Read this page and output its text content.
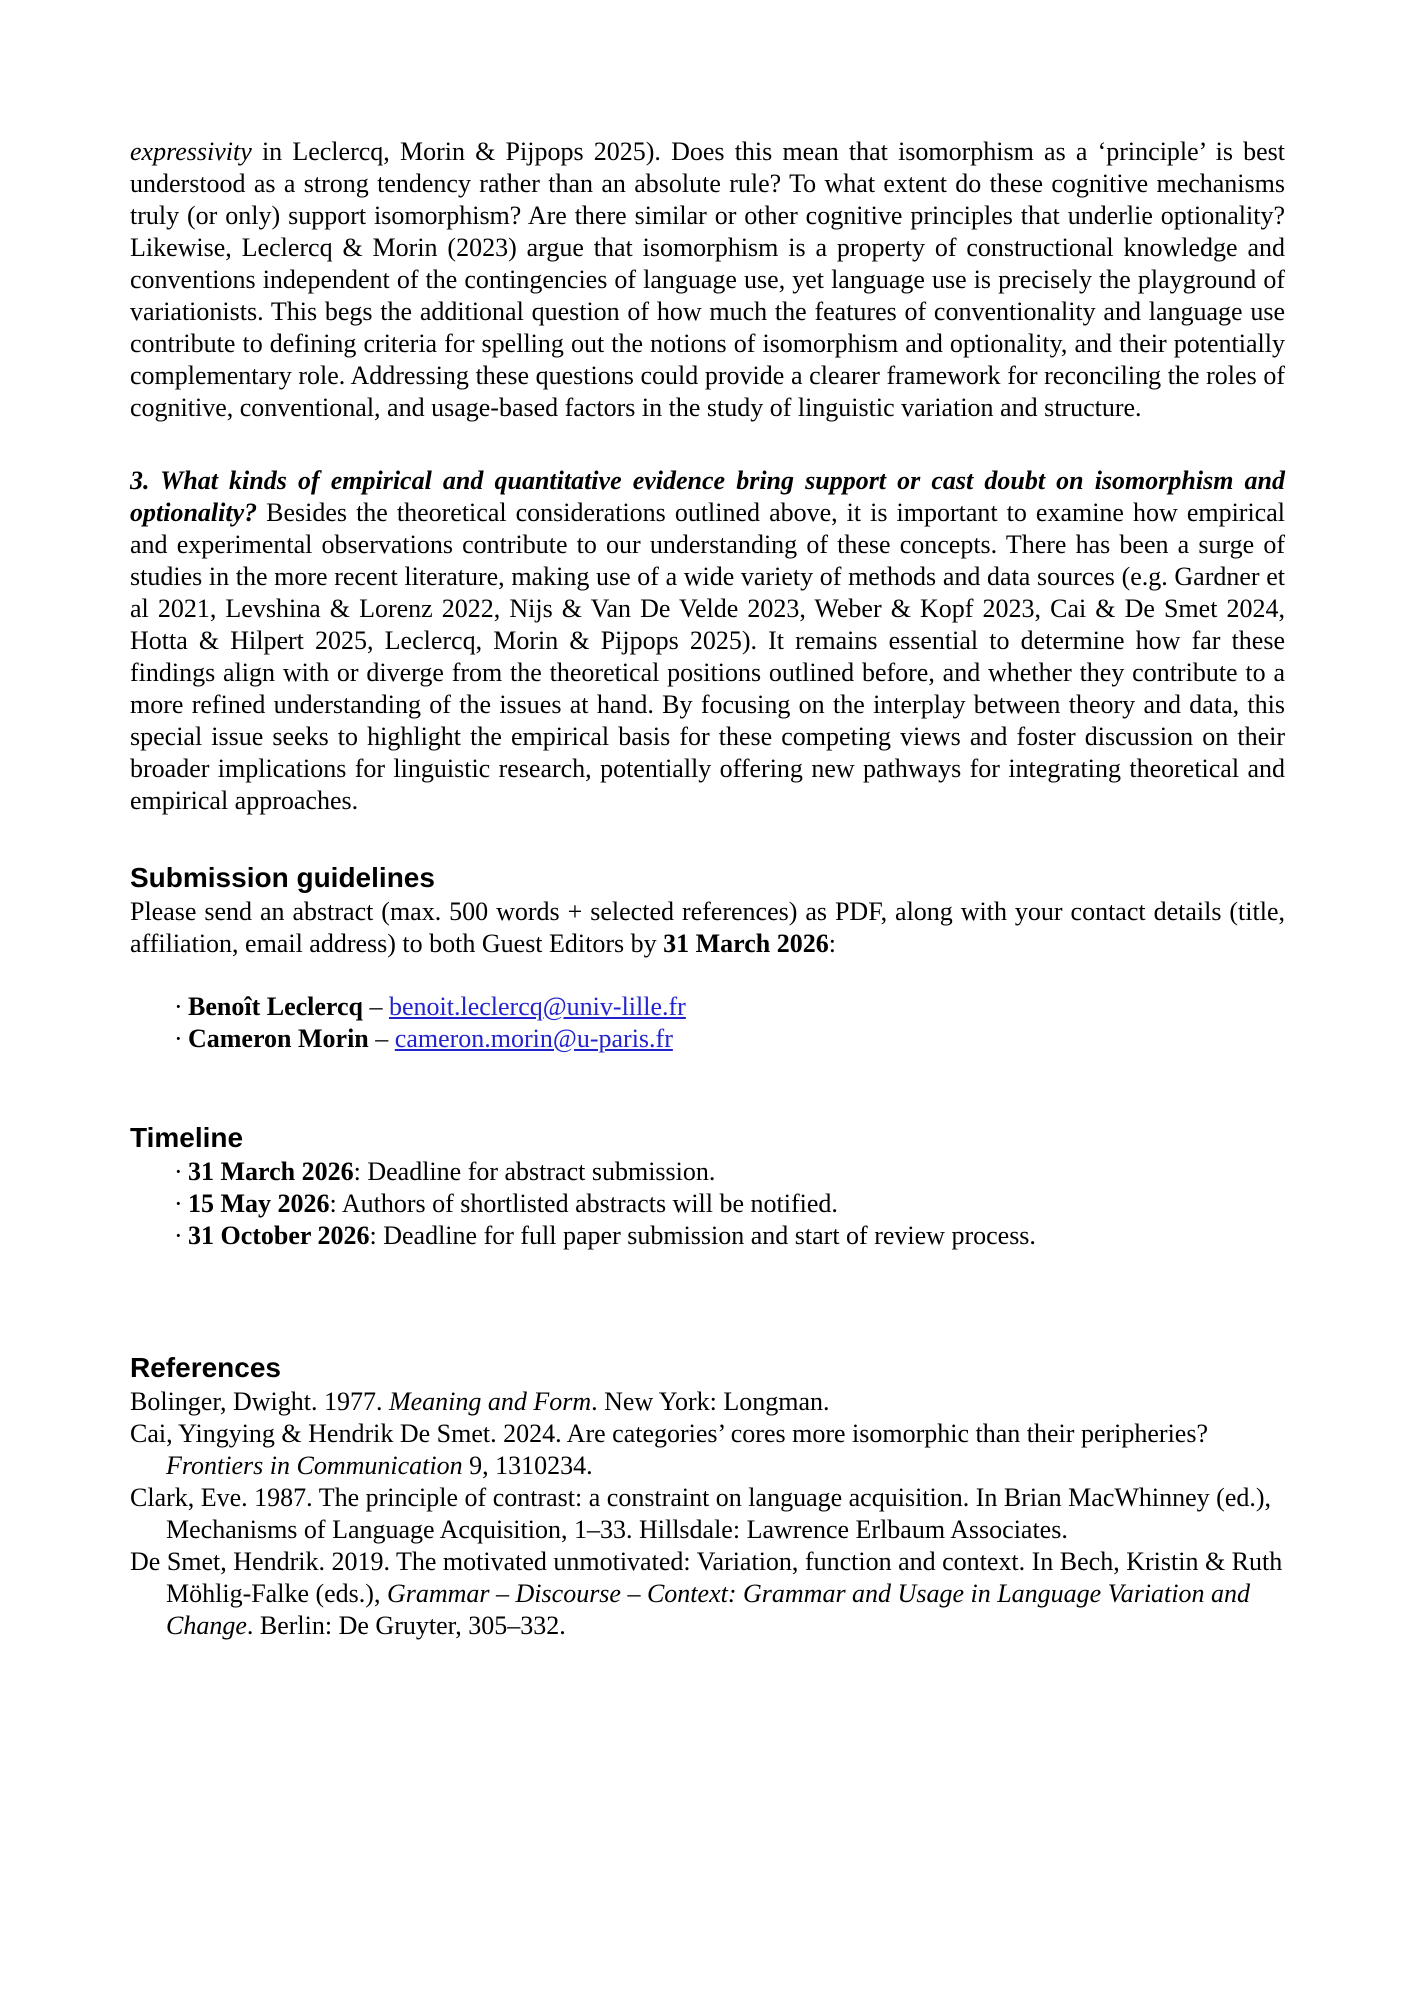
expressivity in Leclercq, Morin & Pijpops 2025). Does this mean that isomorphism as a ‘principle’ is best understood as a strong tendency rather than an absolute rule? To what extent do these cognitive mechanisms truly (or only) support isomorphism? Are there similar or other cognitive principles that underlie optionality? Likewise, Leclercq & Morin (2023) argue that isomorphism is a property of constructional knowledge and conventions independent of the contingencies of language use, yet language use is precisely the playground of variationists. This begs the additional question of how much the features of conventionality and language use contribute to defining criteria for spelling out the notions of isomorphism and optionality, and their potentially complementary role. Addressing these questions could provide a clearer framework for reconciling the roles of cognitive, conventional, and usage-based factors in the study of linguistic variation and structure.

3. What kinds of empirical and quantitative evidence bring support or cast doubt on isomorphism and optionality? Besides the theoretical considerations outlined above, it is important to examine how empirical and experimental observations contribute to our understanding of these concepts. There has been a surge of studies in the more recent literature, making use of a wide variety of methods and data sources (e.g. Gardner et al 2021, Levshina & Lorenz 2022, Nijs & Van De Velde 2023, Weber & Kopf 2023, Cai & De Smet 2024, Hotta & Hilpert 2025, Leclercq, Morin & Pijpops 2025). It remains essential to determine how far these findings align with or diverge from the theoretical positions outlined before, and whether they contribute to a more refined understanding of the issues at hand. By focusing on the interplay between theory and data, this special issue seeks to highlight the empirical basis for these competing views and foster discussion on their broader implications for linguistic research, potentially offering new pathways for integrating theoretical and empirical approaches.

Submission guidelines

Please send an abstract (max. 500 words + selected references) as PDF, along with your contact details (title, affiliation, email address) to both Guest Editors by 31 March 2026:

· Benoît Leclercq – benoit.leclercq@univ-lille.fr
· Cameron Morin – cameron.morin@u-paris.fr
Timeline
· 31 March 2026: Deadline for abstract submission.
· 15 May 2026: Authors of shortlisted abstracts will be notified.
· 31 October 2026: Deadline for full paper submission and start of review process.
References
Bolinger, Dwight. 1977. Meaning and Form. New York: Longman.
Cai, Yingying & Hendrik De Smet. 2024. Are categories’ cores more isomorphic than their peripheries? Frontiers in Communication 9, 1310234.
Clark, Eve. 1987. The principle of contrast: a constraint on language acquisition. In Brian MacWhinney (ed.), Mechanisms of Language Acquisition, 1–33. Hillsdale: Lawrence Erlbaum Associates.
De Smet, Hendrik. 2019. The motivated unmotivated: Variation, function and context. In Bech, Kristin & Ruth Möhlig-Falke (eds.), Grammar – Discourse – Context: Grammar and Usage in Language Variation and Change. Berlin: De Gruyter, 305–332.
